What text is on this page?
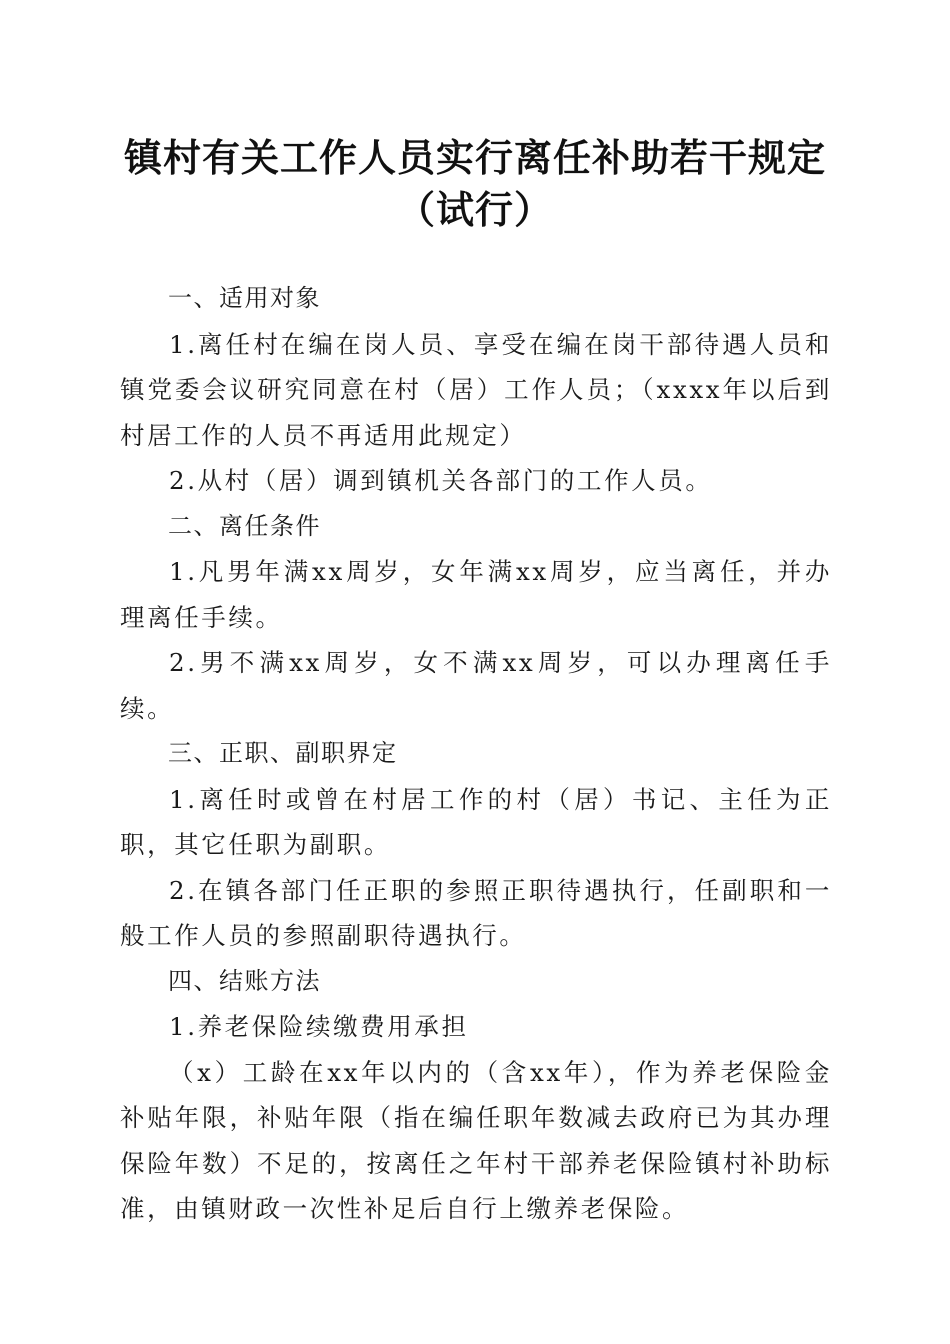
镇村有关工作人员实行离任补助若干规定（试行）

一、适用对象

1.离任村在编在岗人员、享受在编在岗干部待遇人员和镇党委会议研究同意在村（居）工作人员；（xxxx年以后到村居工作的人员不再适用此规定）

2.从村（居）调到镇机关各部门的工作人员。

二、离任条件

1.凡男年满xx周岁，女年满xx周岁，应当离任，并办理离任手续。

2.男不满xx周岁，女不满xx周岁，可以办理离任手续。

三、正职、副职界定

1.离任时或曾在村居工作的村（居）书记、主任为正职，其它任职为副职。

2.在镇各部门任正职的参照正职待遇执行，任副职和一般工作人员的参照副职待遇执行。

四、结账方法

1.养老保险续缴费用承担

（x）工龄在xx年以内的（含xx年），作为养老保险金补贴年限，补贴年限（指在编任职年数减去政府已为其办理保险年数）不足的，按离任之年村干部养老保险镇村补助标准，由镇财政一次性补足后自行上缴养老保险。
